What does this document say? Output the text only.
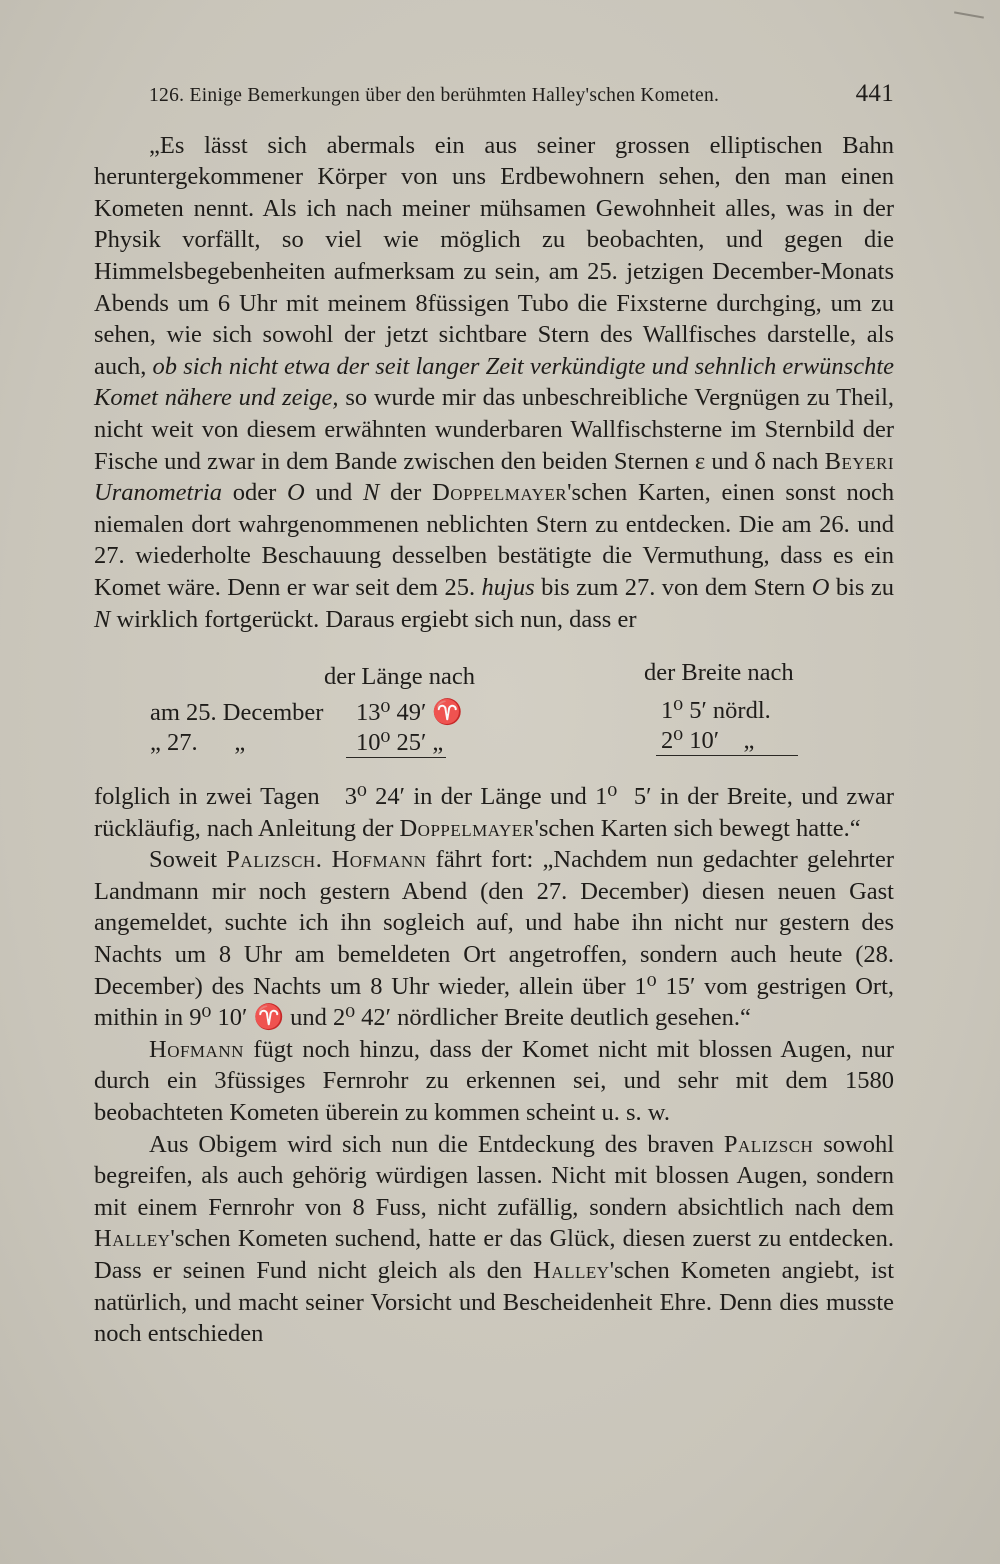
126. Einige Bemerkungen über den berühmten Halley'schen Kometen.	441

„Es lässt sich abermals ein aus seiner grossen elliptischen Bahn heruntergekommener Körper von uns Erdbewohnern sehen, den man einen Kometen nennt. Als ich nach meiner mühsamen Gewohnheit alles, was in der Physik vorfällt, so viel wie möglich zu beobachten, und gegen die Himmelsbegebenheiten aufmerksam zu sein, am 25. jetzigen December-Monats Abends um 6 Uhr mit meinem 8füssigen Tubo die Fixsterne durchging, um zu sehen, wie sich sowohl der jetzt sichtbare Stern des Wallfisches darstelle, als auch, ob sich nicht etwa der seit langer Zeit verkündigte und sehnlich erwünschte Komet nähere und zeige, so wurde mir das unbeschreibliche Vergnügen zu Theil, nicht weit von diesem erwähnten wunderbaren Wallfischsterne im Sternbild der Fische und zwar in dem Bande zwischen den beiden Sternen ε und δ nach Beyeri Uranometria oder O und N der Doppelmayer'schen Karten, einen sonst noch niemalen dort wahrgenommenen neblichten Stern zu entdecken. Die am 26. und 27. wiederholte Beschauung desselben bestätigte die Vermuthung, dass es ein Komet wäre. Denn er war seit dem 25. hujus bis zum 27. von dem Stern O bis zu N wirklich fortgerückt. Daraus ergiebt sich nun, dass er

der Länge nach	der Breite nach
am 25. December 13⁰ 49′ ♈	1⁰ 5′ nördl.
„ 27.      „	10⁰ 25′ „	2⁰ 10′    „

folglich in zwei Tagen   3⁰ 24′ in der Länge und 1⁰  5′ in der Breite, und zwar rückläufig, nach Anleitung der Doppelmayer'schen Karten sich bewegt hatte.“

Soweit Palizsch. Hofmann fährt fort: „Nachdem nun gedachter gelehrter Landmann mir noch gestern Abend (den 27. December) diesen neuen Gast angemeldet, suchte ich ihn sogleich auf, und habe ihn nicht nur gestern des Nachts um 8 Uhr am bemeldeten Ort angetroffen, sondern auch heute (28. December) des Nachts um 8 Uhr wieder, allein über 1⁰ 15′ vom gestrigen Ort, mithin in 9⁰ 10′ ♈ und 2⁰ 42′ nördlicher Breite deutlich gesehen.“

Hofmann fügt noch hinzu, dass der Komet nicht mit blossen Augen, nur durch ein 3füssiges Fernrohr zu erkennen sei, und sehr mit dem 1580 beobachteten Kometen überein zu kommen scheint u. s. w.

Aus Obigem wird sich nun die Entdeckung des braven Palizsch sowohl begreifen, als auch gehörig würdigen lassen. Nicht mit blossen Augen, sondern mit einem Fernrohr von 8 Fuss, nicht zufällig, sondern absichtlich nach dem Halley'schen Kometen suchend, hatte er das Glück, diesen zuerst zu entdecken. Dass er seinen Fund nicht gleich als den Halley'schen Kometen angiebt, ist natürlich, und macht seiner Vorsicht und Bescheidenheit Ehre. Denn dies musste noch entschieden
